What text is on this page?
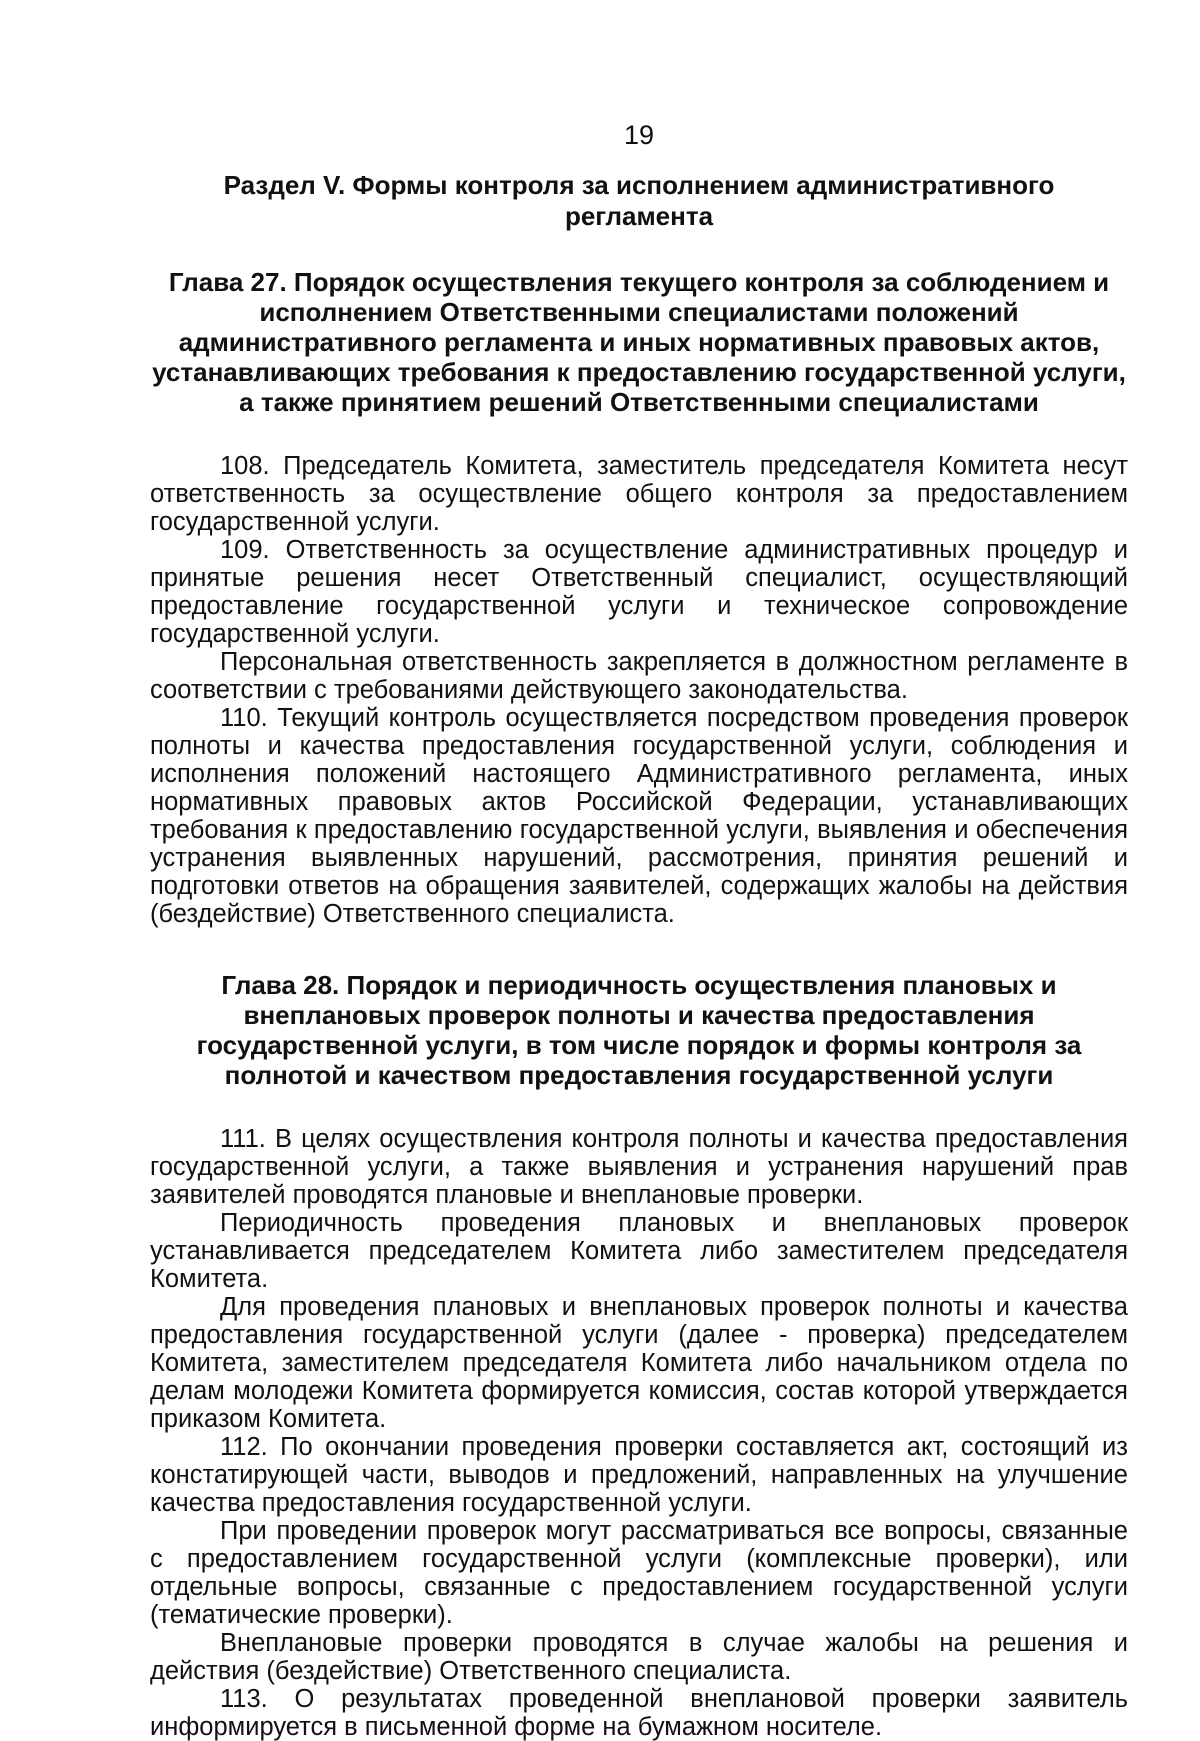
19
Раздел V. Формы контроля за исполнением административного регламента
Глава 27. Порядок осуществления текущего контроля за соблюдением и исполнением Ответственными специалистами положений административного регламента и иных нормативных правовых актов, устанавливающих требования к предоставлению государственной услуги, а также принятием решений Ответственными специалистами

108. Председатель Комитета, заместитель председателя Комитета несут ответственность за осуществление общего контроля за предоставлением государственной услуги.

109. Ответственность за осуществление административных процедур и принятые решения несет Ответственный специалист, осуществляющий предоставление государственной услуги и техническое сопровождение государственной услуги.

Персональная ответственность закрепляется в должностном регламенте в соответствии с требованиями действующего законодательства.

110. Текущий контроль осуществляется посредством проведения проверок полноты и качества предоставления государственной услуги, соблюдения и исполнения положений настоящего Административного регламента, иных нормативных правовых актов Российской Федерации, устанавливающих требования к предоставлению государственной услуги, выявления и обеспечения устранения выявленных нарушений, рассмотрения, принятия решений и подготовки ответов на обращения заявителей, содержащих жалобы на действия (бездействие) Ответственного специалиста.

Глава 28. Порядок и периодичность осуществления плановых и внеплановых проверок полноты и качества предоставления государственной услуги, в том числе порядок и формы контроля за полнотой и качеством предоставления государственной услуги

111. В целях осуществления контроля полноты и качества предоставления государственной услуги, а также выявления и устранения нарушений прав заявителей проводятся плановые и внеплановые проверки.

Периодичность проведения плановых и внеплановых проверок устанавливается председателем Комитета либо заместителем председателя Комитета.

Для проведения плановых и внеплановых проверок полноты и качества предоставления государственной услуги (далее - проверка) председателем Комитета, заместителем председателя Комитета либо начальником отдела по делам молодежи Комитета формируется комиссия, состав которой утверждается приказом Комитета.

112. По окончании проведения проверки составляется акт, состоящий из констатирующей части, выводов и предложений, направленных на улучшение качества предоставления государственной услуги.

При проведении проверок могут рассматриваться все вопросы, связанные с предоставлением государственной услуги (комплексные проверки), или отдельные вопросы, связанные с предоставлением государственной услуги (тематические проверки).

Внеплановые проверки проводятся в случае жалобы на решения и действия (бездействие) Ответственного специалиста.

113. О результатах проведенной внеплановой проверки заявитель информируется в письменной форме на бумажном носителе.
